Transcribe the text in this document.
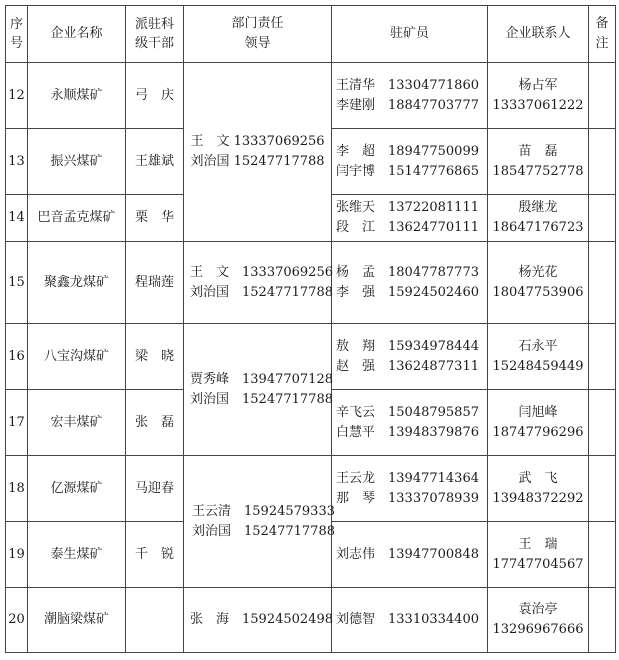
序号	企业名称	派驻科级干部	部门责任
领导	驻矿员	企业联系人	备
注

12	永顺煤矿	弓　庆	王　文 13337069256
刘治国 15247717788	王清华　13304771860
李建刚　18847703777	杨占军
13337061222	

13	振兴煤矿	王雄斌		李　超　18947750099
闫宇博　15147776865	苗　磊
18547752778	

14	巴音孟克煤矿	栗　华		张维天　13722081111
段　江　13624770111	殷继龙
18647176723	

15	聚鑫龙煤矿	程瑞莲	王　文　13337069256
刘治国　15247717788	杨　孟　18047787773
李　强　15924502460	杨光花
18047753906	

16	八宝沟煤矿	梁　晓	贾秀峰　13947707128
刘治国　15247717788	敖　翔　15934978444
赵　强　13624877311	石永平
15248459449	

17	宏丰煤矿	张　磊		辛飞云　15048795857
白慧平　13948379876	闫旭峰
18747796296	

18	亿源煤矿	马迎春	王云清　15924579333
刘治国　15247717788	王云龙　13947714364
那　琴　13337078939	武　飞
13948372292	

19	泰生煤矿	千　锐		刘志伟　13947700848	王　瑞
17747704567	

20	潮脑梁煤矿		张　海　15924502498	刘德智　13310334400	袁治亭
13296967666	
